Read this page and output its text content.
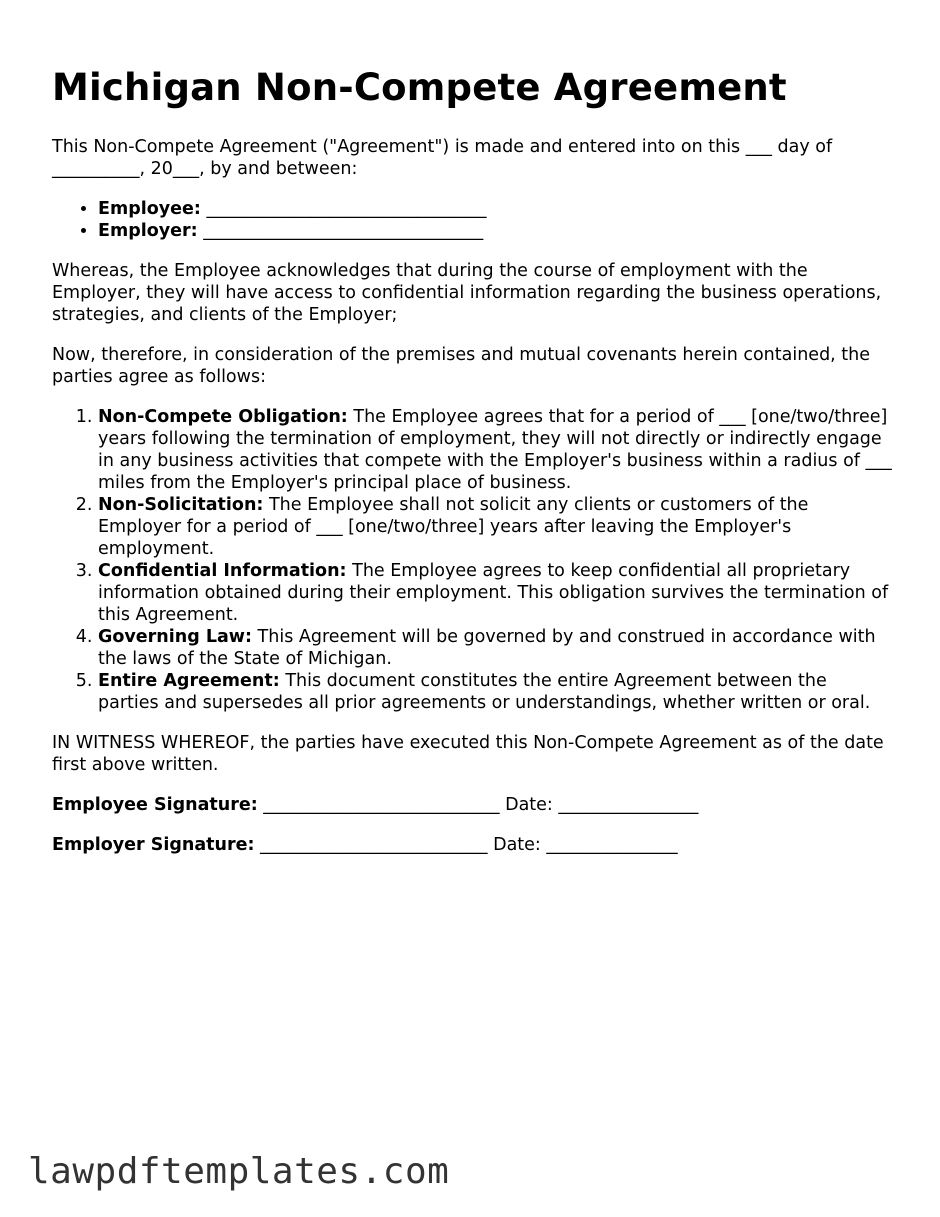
Michigan Non-Compete Agreement

This Non-Compete Agreement ("Agreement") is made and entered into on this ___ day of __________, 20___, by and between:

• Employee: ________________________________
• Employer: ________________________________

Whereas, the Employee acknowledges that during the course of employment with the Employer, they will have access to confidential information regarding the business operations, strategies, and clients of the Employer;

Now, therefore, in consideration of the premises and mutual covenants herein contained, the parties agree as follows:

1. Non-Compete Obligation: The Employee agrees that for a period of ___ [one/two/three] years following the termination of employment, they will not directly or indirectly engage in any business activities that compete with the Employer's business within a radius of ___ miles from the Employer's principal place of business.
2. Non-Solicitation: The Employee shall not solicit any clients or customers of the Employer for a period of ___ [one/two/three] years after leaving the Employer's employment.
3. Confidential Information: The Employee agrees to keep confidential all proprietary information obtained during their employment. This obligation survives the termination of this Agreement.
4. Governing Law: This Agreement will be governed by and construed in accordance with the laws of the State of Michigan.
5. Entire Agreement: This document constitutes the entire Agreement between the parties and supersedes all prior agreements or understandings, whether written or oral.

IN WITNESS WHEREOF, the parties have executed this Non-Compete Agreement as of the date first above written.

Employee Signature: ___________________________ Date: ________________
Employer Signature: __________________________ Date: _______________
lawpdftemplates.com
